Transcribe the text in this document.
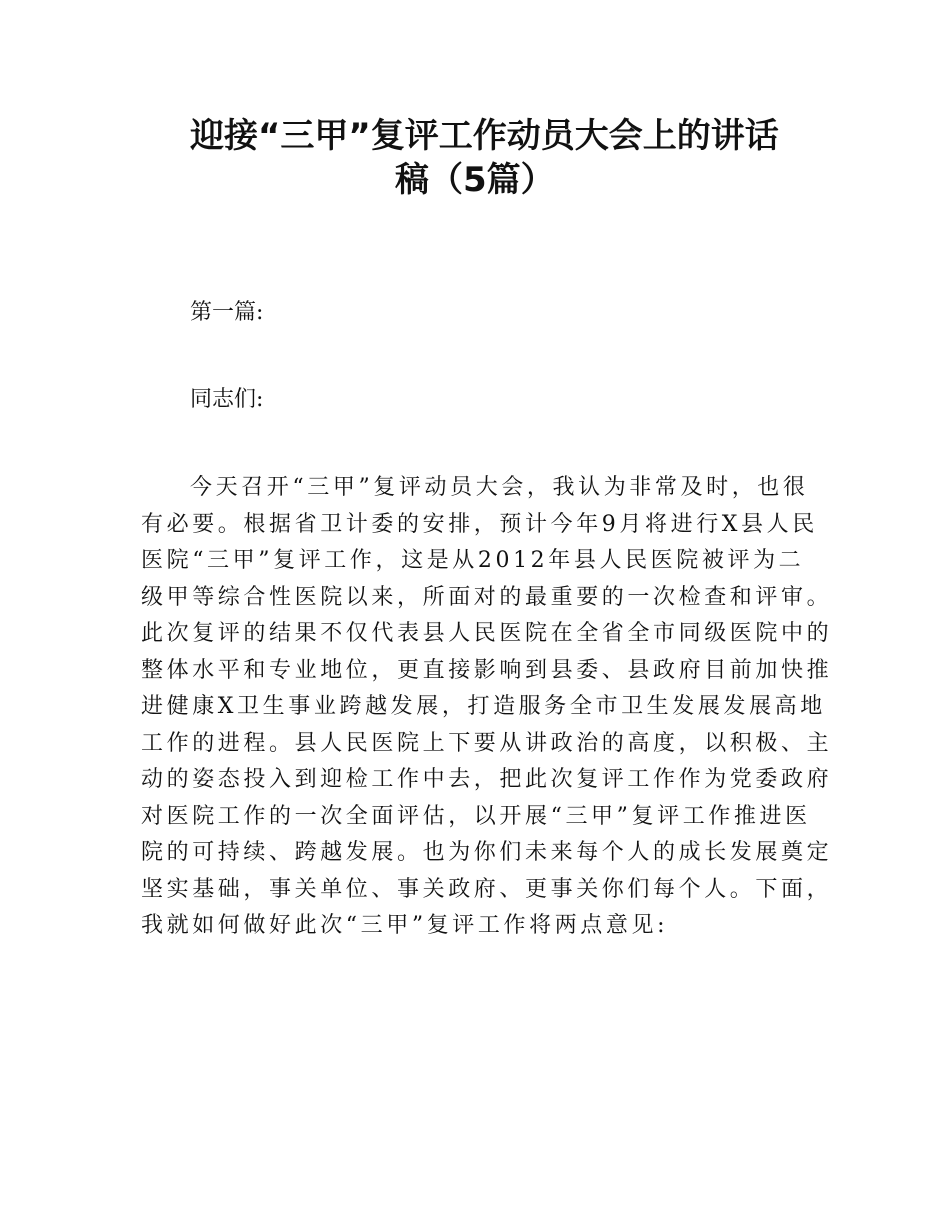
迎接“三甲”复评工作动员大会上的讲话
稿（5篇）

第一篇:

同志们:

今天召开“三甲”复评动员大会，我认为非常及时，也很
有必要。根据省卫计委的安排，预计今年9月将进行X县人民
医院“三甲”复评工作，这是从2012年县人民医院被评为二
级甲等综合性医院以来，所面对的最重要的一次检查和评审。
此次复评的结果不仅代表县人民医院在全省全市同级医院中的
整体水平和专业地位，更直接影响到县委、县政府目前加快推
进健康X卫生事业跨越发展，打造服务全市卫生发展发展高地
工作的进程。县人民医院上下要从讲政治的高度，以积极、主
动的姿态投入到迎检工作中去，把此次复评工作作为党委政府
对医院工作的一次全面评估，以开展“三甲”复评工作推进医
院的可持续、跨越发展。也为你们未来每个人的成长发展奠定
坚实基础，事关单位、事关政府、更事关你们每个人。下面，
我就如何做好此次“三甲”复评工作将两点意见:
